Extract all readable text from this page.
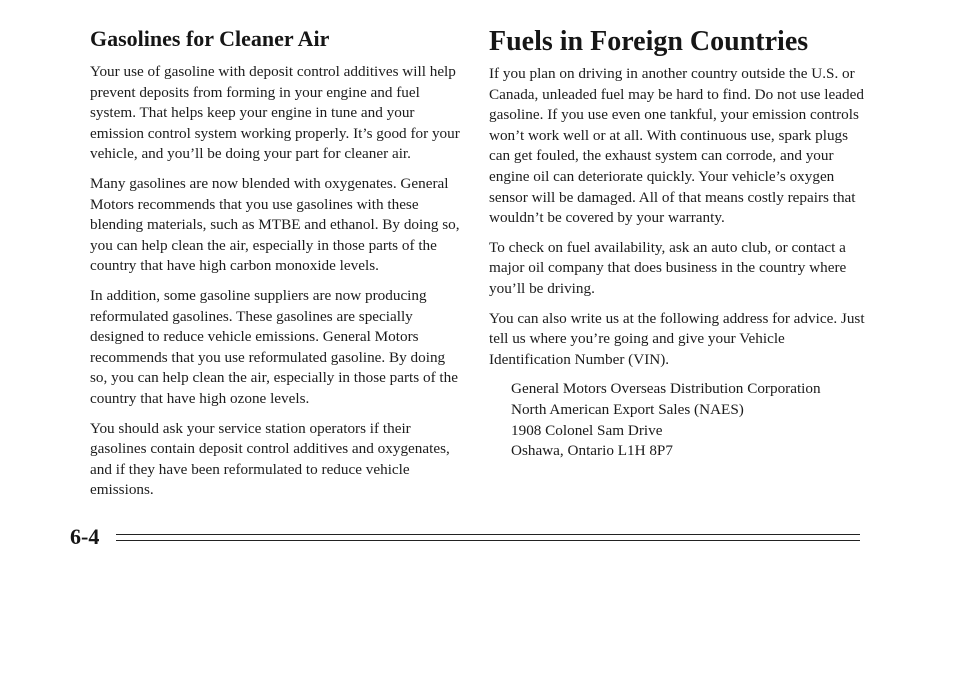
Gasolines for Cleaner Air

Your use of gasoline with deposit control additives will help prevent deposits from forming in your engine and fuel system. That helps keep your engine in tune and your emission control system working properly. It’s good for your vehicle, and you’ll be doing your part for cleaner air.

Many gasolines are now blended with oxygenates. General Motors recommends that you use gasolines with these blending materials, such as MTBE and ethanol. By doing so, you can help clean the air, especially in those parts of the country that have high carbon monoxide levels.

In addition, some gasoline suppliers are now producing reformulated gasolines. These gasolines are specially designed to reduce vehicle emissions. General Motors recommends that you use reformulated gasoline. By doing so, you can help clean the air, especially in those parts of the country that have high ozone levels.

You should ask your service station operators if their gasolines contain deposit control additives and oxygenates, and if they have been reformulated to reduce vehicle emissions.

Fuels in Foreign Countries

If you plan on driving in another country outside the U.S. or Canada, unleaded fuel may be hard to find. Do not use leaded gasoline. If you use even one tankful, your emission controls won’t work well or at all. With continuous use, spark plugs can get fouled, the exhaust system can corrode, and your engine oil can deteriorate quickly. Your vehicle’s oxygen sensor will be damaged. All of that means costly repairs that wouldn’t be covered by your warranty.

To check on fuel availability, ask an auto club, or contact a major oil company that does business in the country where you’ll be driving.

You can also write us at the following address for advice. Just tell us where you’re going and give your Vehicle Identification Number (VIN).

General Motors Overseas Distribution Corporation
North American Export Sales (NAES)
1908 Colonel Sam Drive
Oshawa, Ontario L1H 8P7
6-4
